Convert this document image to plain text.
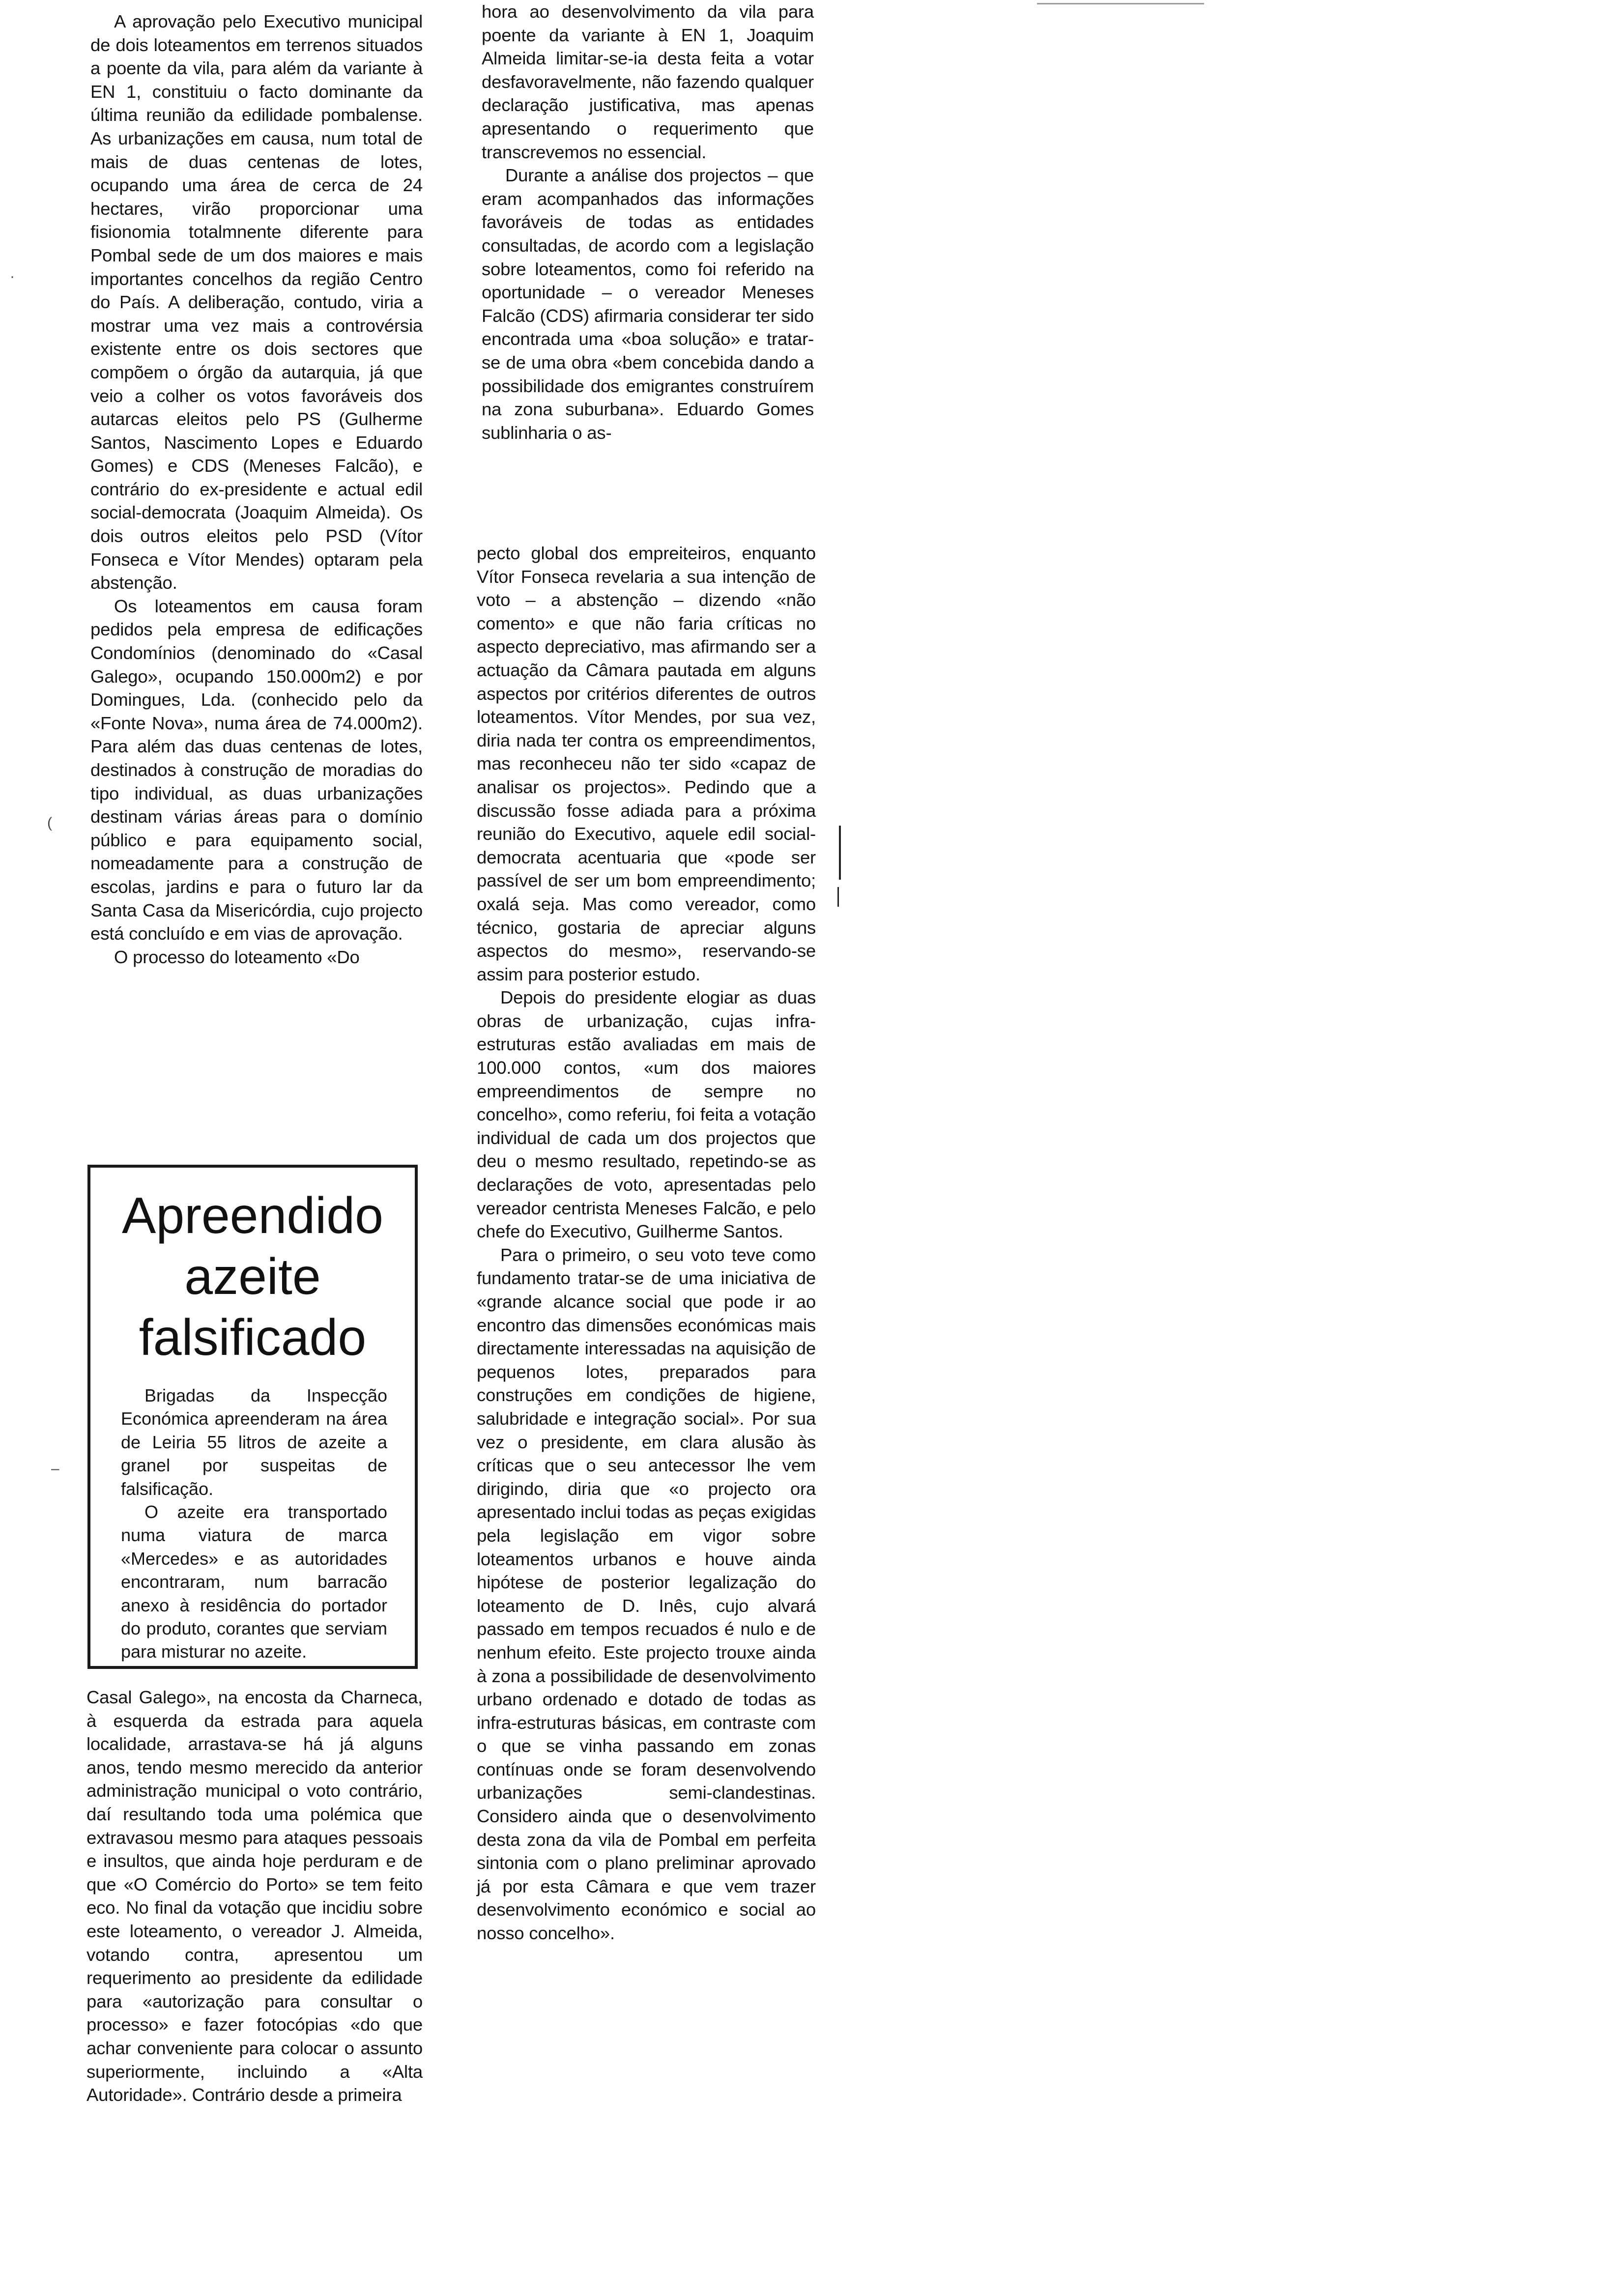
·
(
–

A aprovação pelo Executivo municipal de dois loteamentos em terrenos situados a poente da vila, para além da variante à EN 1, constituiu o facto dominante da última reunião da edilidade pombalense. As urbanizações em causa, num total de mais de duas centenas de lotes, ocupando uma área de cerca de 24 hectares, virão proporcionar uma fisionomia totalmnente diferente para Pombal sede de um dos maiores e mais importantes concelhos da região Centro do País. A deliberação, contudo, viria a mostrar uma vez mais a controvérsia existente entre os dois sectores que compõem o órgão da autarquia, já que veio a colher os votos favoráveis dos autarcas eleitos pelo PS (Gulherme Santos, Nascimento Lopes e Eduardo Gomes) e CDS (Meneses Falcão), e contrário do ex-presidente e actual edil social-democrata (Joaquim Almeida). Os dois outros eleitos pelo PSD (Vítor Fonseca e Vítor Mendes) optaram pela abstenção.

Os loteamentos em causa foram pedidos pela empresa de edificações Condomínios (denominado do «Casal Galego», ocupando 150.000m2) e por Domingues, Lda. (conhecido pelo da «Fonte Nova», numa área de 74.000m2). Para além das duas centenas de lotes, destinados à construção de moradias do tipo individual, as duas urbanizações destinam várias áreas para o domínio público e para equipamento social, nomeadamente para a construção de escolas, jardins e para o futuro lar da Santa Casa da Misericórdia, cujo projecto está concluído e em vias de aprovação.

O processo do loteamento «Do

Apreendido
azeite
falsificado

Brigadas da Inspecção Económica apreenderam na área de Leiria 55 litros de azeite a granel por suspeitas de falsificação.

O azeite era transportado numa viatura de marca «Mercedes» e as autoridades encontraram, num barracão anexo à residência do portador do produto, corantes que serviam para misturar no azeite.

Casal Galego», na encosta da Charneca, à esquerda da estrada para aquela localidade, arrastava-se há já alguns anos, tendo mesmo merecido da anterior administração municipal o voto contrário, daí resultando toda uma polémica que extravasou mesmo para ataques pessoais e insultos, que ainda hoje perduram e de que «O Comércio do Porto» se tem feito eco. No final da votação que incidiu sobre este loteamento, o vereador J. Almeida, votando contra, apresentou um requerimento ao presidente da edilidade para «autorização para consultar o processo» e fazer fotocópias «do que achar conveniente para colocar o assunto superiormente, incluindo a «Alta Autoridade». Contrário desde a primeira

hora ao desenvolvimento da vila para poente da variante à EN 1, Joaquim Almeida limitar-se-ia desta feita a votar desfavoravelmente, não fazendo qualquer declaração justificativa, mas apenas apresentando o requerimento que transcrevemos no essencial.

Durante a análise dos projectos – que eram acompanhados das informações favoráveis de todas as entidades consultadas, de acordo com a legislação sobre loteamentos, como foi referido na oportunidade – o vereador Meneses Falcão (CDS) afirmaria considerar ter sido encontrada uma «boa solução» e tratar-se de uma obra «bem concebida dando a possibilidade dos emigrantes construírem na zona suburbana». Eduardo Gomes sublinharia o as-

pecto global dos empreiteiros, enquanto Vítor Fonseca revelaria a sua intenção de voto – a abstenção – dizendo «não comento» e que não faria críticas no aspecto depreciativo, mas afirmando ser a actuação da Câmara pautada em alguns aspectos por critérios diferentes de outros loteamentos. Vítor Mendes, por sua vez, diria nada ter contra os empreendimentos, mas reconheceu não ter sido «capaz de analisar os projectos». Pedindo que a discussão fosse adiada para a próxima reunião do Executivo, aquele edil social-democrata acentuaria que «pode ser passível de ser um bom empreendimento; oxalá seja. Mas como vereador, como técnico, gostaria de apreciar alguns aspectos do mesmo», reservando-se assim para posterior estudo.

Depois do presidente elogiar as duas obras de urbanização, cujas infra-estruturas estão avaliadas em mais de 100.000 contos, «um dos maiores empreendimentos de sempre no concelho», como referiu, foi feita a votação individual de cada um dos projectos que deu o mesmo resultado, repetindo-se as declarações de voto, apresentadas pelo vereador centrista Meneses Falcão, e pelo chefe do Executivo, Guilherme Santos.

Para o primeiro, o seu voto teve como fundamento tratar-se de uma iniciativa de «grande alcance social que pode ir ao encontro das dimensões económicas mais directamente interessadas na aquisição de pequenos lotes, preparados para construções em condições de higiene, salubridade e integração social». Por sua vez o presidente, em clara alusão às críticas que o seu antecessor lhe vem dirigindo, diria que «o projecto ora apresentado inclui todas as peças exigidas pela legislação em vigor sobre loteamentos urbanos e houve ainda hipótese de posterior legalização do loteamento de D. Inês, cujo alvará passado em tempos recuados é nulo e de nenhum efeito. Este projecto trouxe ainda à zona a possibilidade de desenvolvimento urbano ordenado e dotado de todas as infra-estruturas básicas, em contraste com o que se vinha passando em zonas contínuas onde se foram desenvolvendo urbanizações semi-clandestinas. Considero ainda que o desenvolvimento desta zona da vila de Pombal em perfeita sintonia com o plano preliminar aprovado já por esta Câmara e que vem trazer desenvolvimento económico e social ao nosso concelho».
